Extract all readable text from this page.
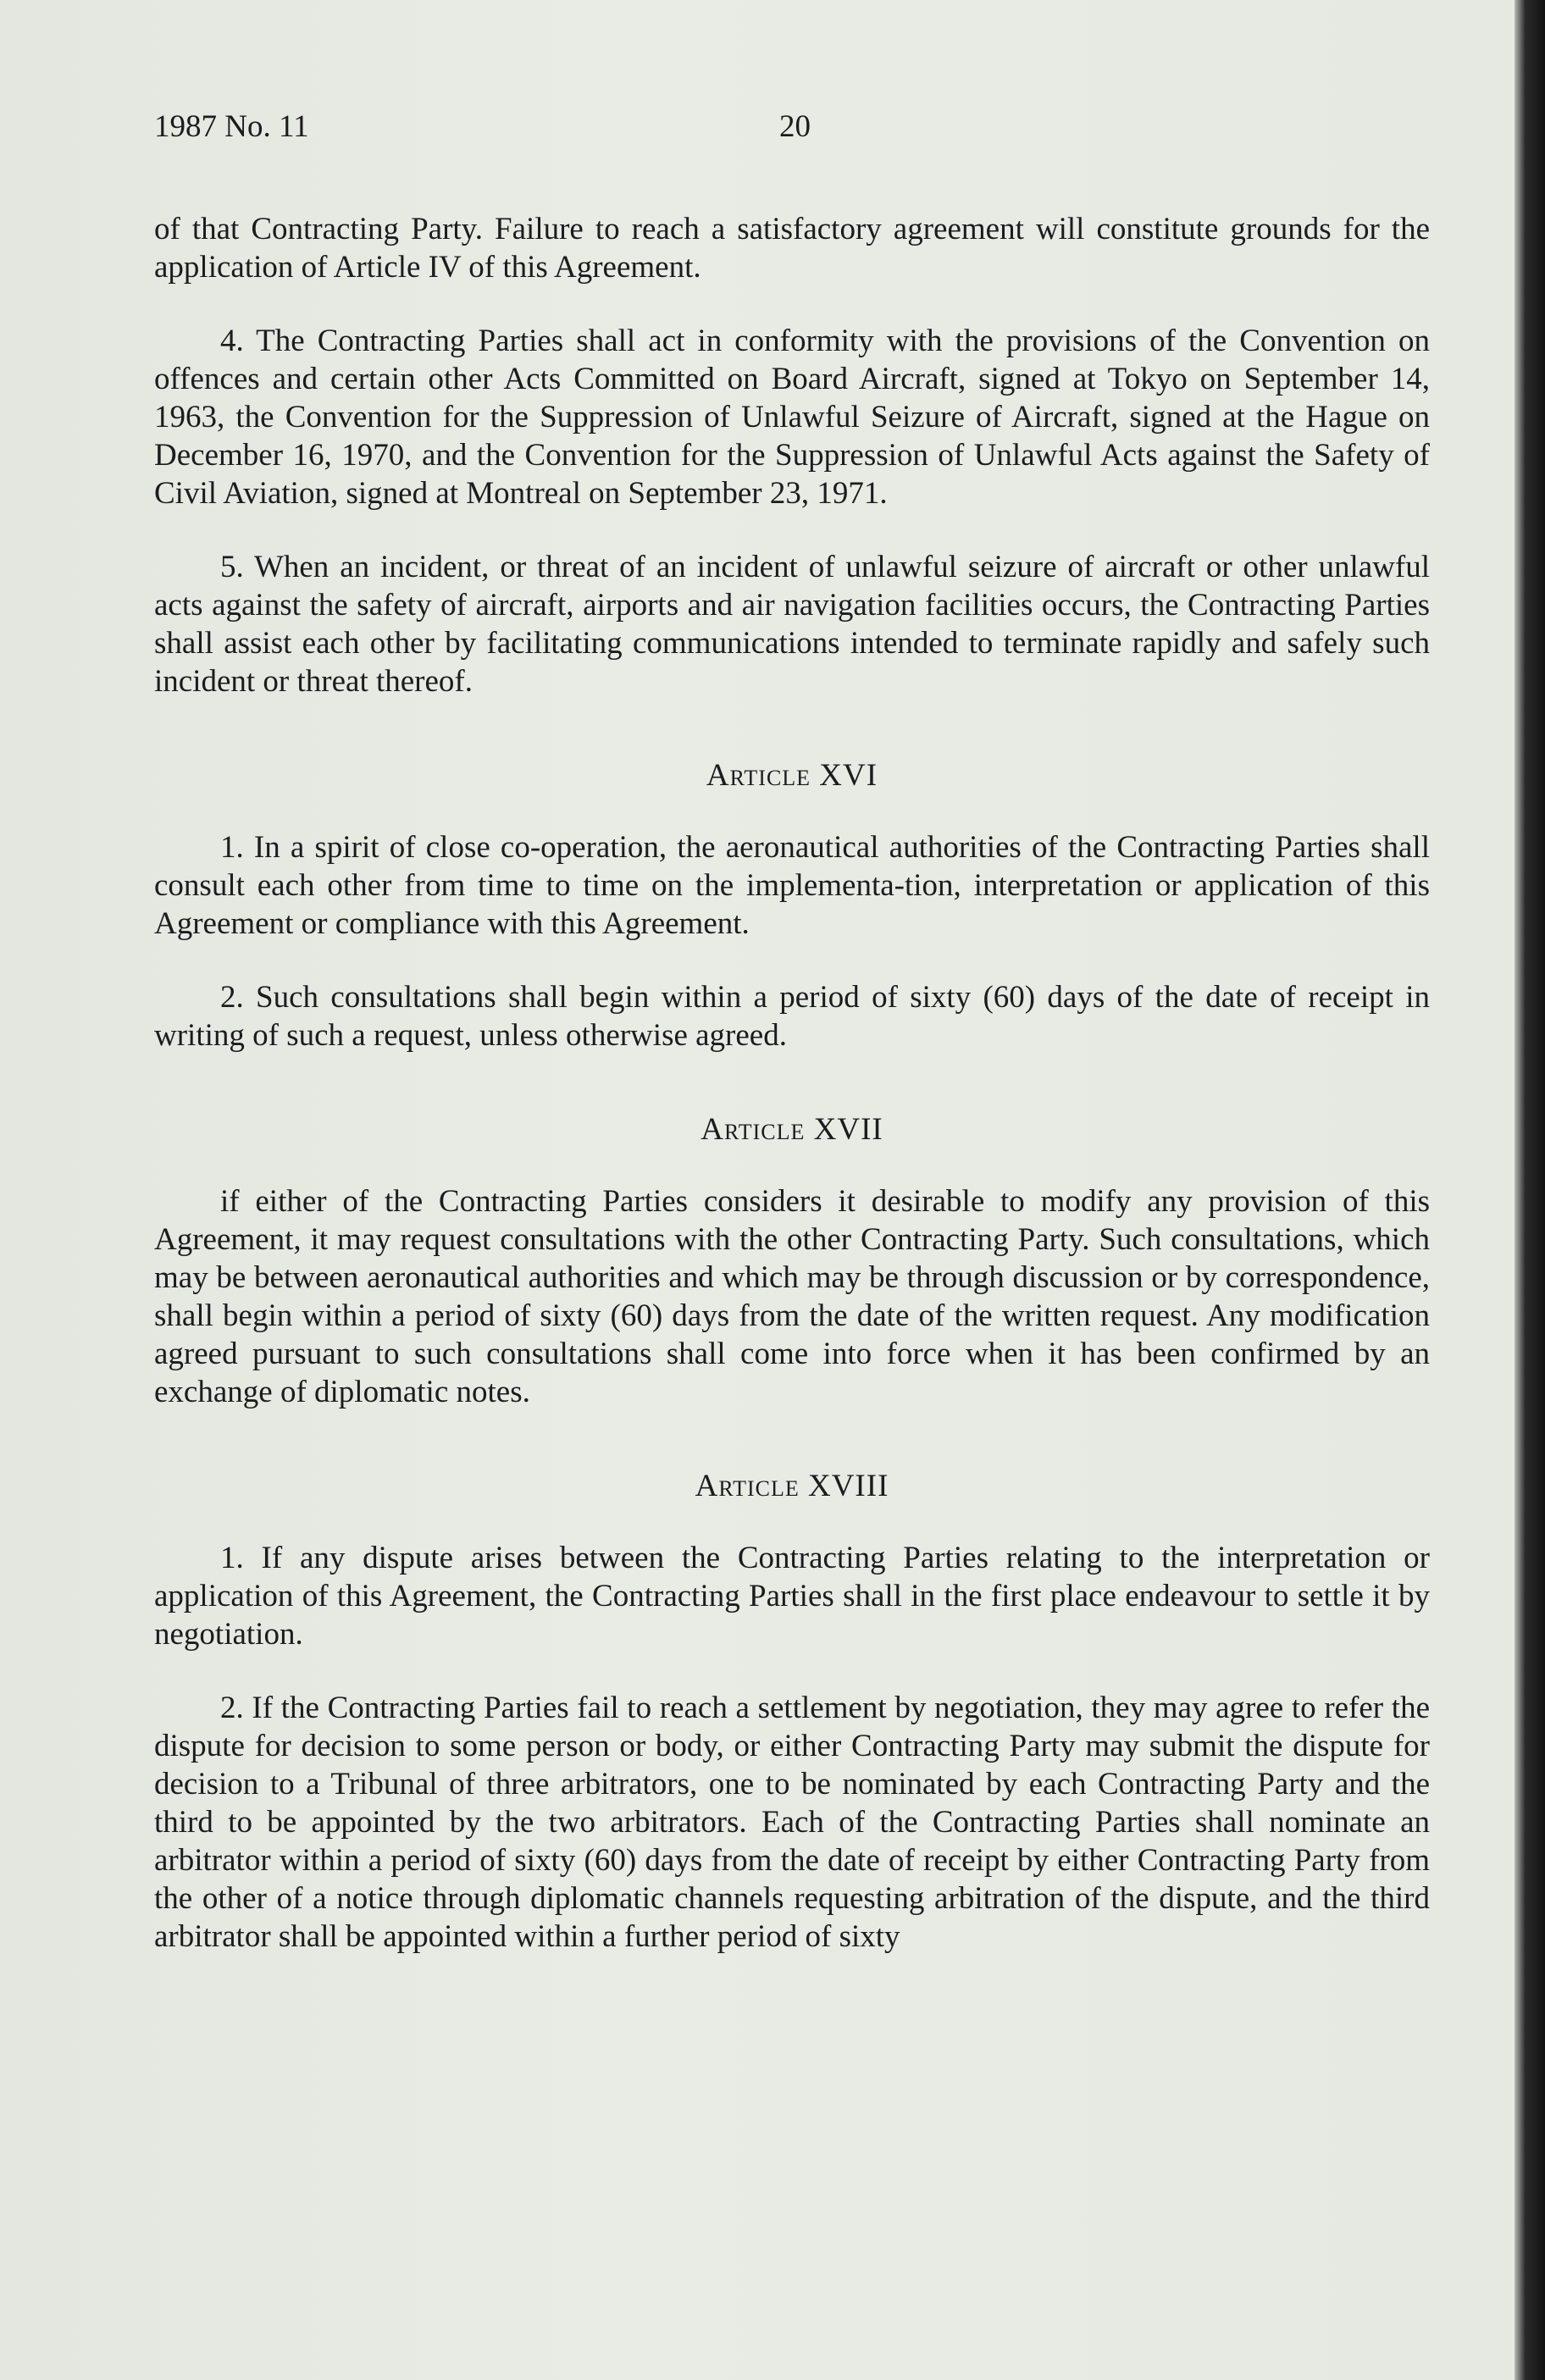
1987 No. 11	20

of that Contracting Party. Failure to reach a satisfactory agreement will constitute grounds for the application of Article IV of this Agreement.

4. The Contracting Parties shall act in conformity with the provisions of the Convention on offences and certain other Acts Committed on Board Aircraft, signed at Tokyo on September 14, 1963, the Convention for the Suppression of Unlawful Seizure of Aircraft, signed at the Hague on December 16, 1970, and the Convention for the Suppression of Unlawful Acts against the Safety of Civil Aviation, signed at Montreal on September 23, 1971.

5. When an incident, or threat of an incident of unlawful seizure of aircraft or other unlawful acts against the safety of aircraft, airports and air navigation facilities occurs, the Contracting Parties shall assist each other by facilitating communications intended to terminate rapidly and safely such incident or threat thereof.

Article XVI

1. In a spirit of close co-operation, the aeronautical authorities of the Contracting Parties shall consult each other from time to time on the implementa-tion, interpretation or application of this Agreement or compliance with this Agreement.

2. Such consultations shall begin within a period of sixty (60) days of the date of receipt in writing of such a request, unless otherwise agreed.

Article XVII

if either of the Contracting Parties considers it desirable to modify any provision of this Agreement, it may request consultations with the other Contracting Party. Such consultations, which may be between aeronautical authorities and which may be through discussion or by correspondence, shall begin within a period of sixty (60) days from the date of the written request. Any modification agreed pursuant to such consultations shall come into force when it has been confirmed by an exchange of diplomatic notes.

Article XVIII

1. If any dispute arises between the Contracting Parties relating to the interpretation or application of this Agreement, the Contracting Parties shall in the first place endeavour to settle it by negotiation.

2. If the Contracting Parties fail to reach a settlement by negotiation, they may agree to refer the dispute for decision to some person or body, or either Contracting Party may submit the dispute for decision to a Tribunal of three arbitrators, one to be nominated by each Contracting Party and the third to be appointed by the two arbitrators. Each of the Contracting Parties shall nominate an arbitrator within a period of sixty (60) days from the date of receipt by either Contracting Party from the other of a notice through diplomatic channels requesting arbitration of the dispute, and the third arbitrator shall be appointed within a further period of sixty
